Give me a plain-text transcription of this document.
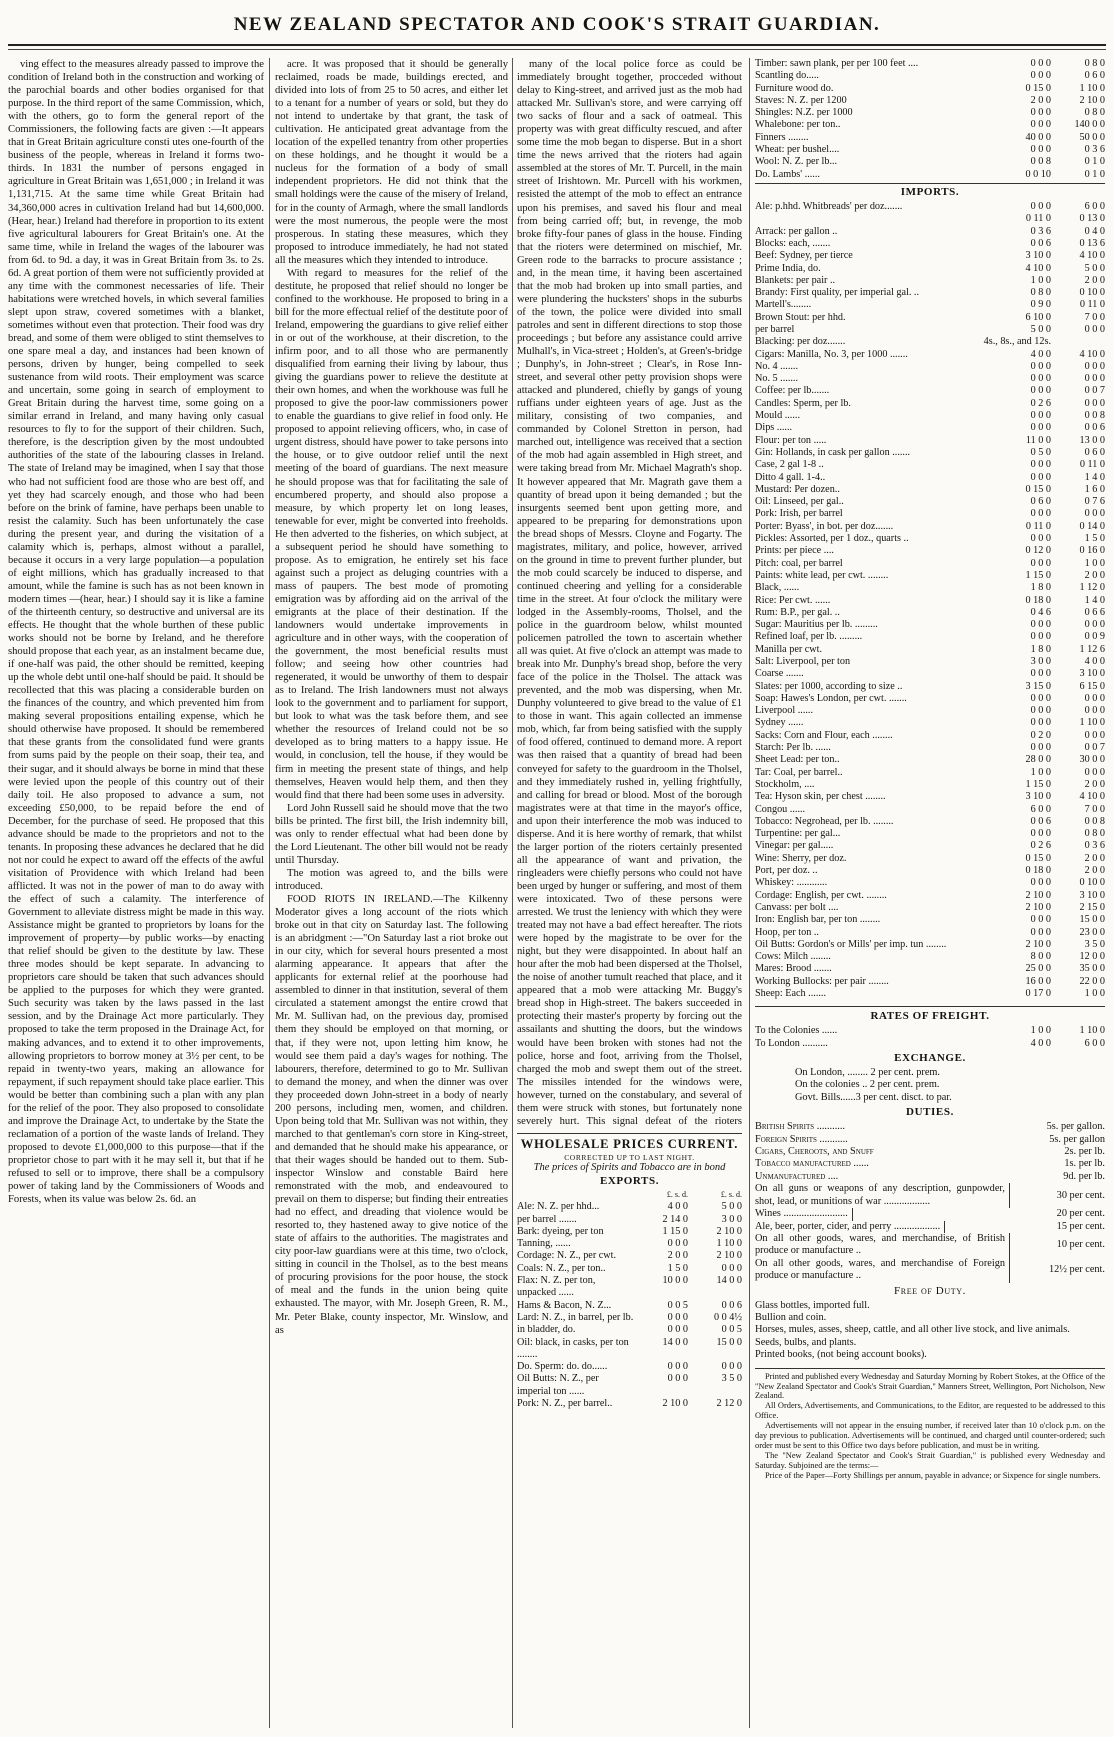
NEW ZEALAND SPECTATOR AND COOK'S STRAIT GUARDIAN.

ving effect to the measures already passed to improve the condition of Ireland both in the construction and working of the parochial boards and other bodies organised for that purpose. In the third report of the same Commission, which, with the others, go to form the general report of the Commissioners, the following facts are given :—It appears that in Great Britain agriculture consti utes one-fourth of the business of the people, whereas in Ireland it forms two-thirds. In 1831 the number of persons engaged in agriculture in Great Britain was 1,651,000 ; in Ireland it was 1,131,715. At the same time while Great Britain had 34,360,000 acres in cultivation Ireland had but 14,600,000. (Hear, hear.) Ireland had therefore in proportion to its extent five agricultural labourers for Great Britain's one. At the same time, while in Ireland the wages of the labourer was from 6d. to 9d. a day, it was in Great Britain from 3s. to 2s. 6d. A great portion of them were not sufficiently provided at any time with the commonest necessaries of life. Their habitations were wretched hovels, in which several families slept upon straw, covered sometimes with a blanket, sometimes without even that protection. Their food was dry bread, and some of them were obliged to stint themselves to one spare meal a day, and instances had been known of persons, driven by hunger, being compelled to seek sustenance from wild roots. Their employment was scarce and uncertain, some going in search of employment to Great Britain during the harvest time, some going on a similar errand in Ireland, and many having only casual resources to fly to for the support of their children. Such, therefore, is the description given by the most undoubted authorities of the state of the labouring classes in Ireland. The state of Ireland may be imagined, when I say that those who had not sufficient food are those who are best off, and yet they had scarcely enough, and those who had been before on the brink of famine, have perhaps been unable to resist the calamity. Such has been unfortunately the case during the present year, and during the visitation of a calamity which is, perhaps, almost without a parallel, because it occurs in a very large population—a population of eight millions, which has gradually increased to that amount, while the famine is such has as not been known in modern times —(hear, hear.) I should say it is like a famine of the thirteenth century, so destructive and universal are its effects. He thought that the whole burthen of these public works should not be borne by Ireland, and he therefore should propose that each year, as an instalment became due, if one-half was paid, the other should be remitted, keeping up the whole debt until one-half should be paid. It should be recollected that this was placing a considerable burden on the finances of the country, and which prevented him from making several propositions entailing expense, which he should otherwise have proposed. It should be remembered that these grants from the consolidated fund were grants from sums paid by the people on their soap, their tea, and their sugar, and it should always be borne in mind that these were levied upon the people of this country out of their daily toil. He also proposed to advance a sum, not exceeding £50,000, to be repaid before the end of December, for the purchase of seed. He proposed that this advance should be made to the proprietors and not to the tenants. In proposing these advances he declared that he did not nor could he expect to award off the effects of the awful visitation of Providence with which Ireland had been afflicted. It was not in the power of man to do away with the effect of such a calamity. The interference of Government to alleviate distress might be made in this way. Assistance might be granted to proprietors by loans for the improvement of property—by public works—by enacting that relief should be given to the destitute by law. These three modes should be kept separate. In advancing to proprietors care should be taken that such advances should be applied to the purposes for which they were granted. Such security was taken by the laws passed in the last session, and by the Drainage Act more particularly. They proposed to take the term proposed in the Drainage Act, for making advances, and to extend it to other improvements, allowing proprietors to borrow money at 3½ per cent, to be repaid in twenty-two years, making an allowance for repayment, if such repayment should take place earlier. This would be better than combining such a plan with any plan for the relief of the poor. They also proposed to consolidate and improve the Drainage Act, to undertake by the State the reclamation of a portion of the waste lands of Ireland. They proposed to devote £1,000,000 to this purpose—that if the proprietor chose to part with it he may sell it, but that if he refused to sell or to improve, there shall be a compulsory power of taking land by the Commissioners of Woods and Forests, when its value was below 2s. 6d. an

acre. It was proposed that it should be generally reclaimed, roads be made, buildings erected, and divided into lots of from 25 to 50 acres, and either let to a tenant for a number of years or sold, but they do not intend to undertake by that grant, the task of cultivation. He anticipated great advantage from the location of the expelled tenantry from other properties on these holdings, and he thought it would be a nucleus for the formation of a body of small independent proprietors. He did not think that the small holdings were the cause of the misery of Ireland, for in the county of Armagh, where the small landlords were the most numerous, the people were the most prosperous. In stating these measures, which they proposed to introduce immediately, he had not stated all the measures which they intended to introduce.

With regard to measures for the relief of the destitute, he proposed that relief should no longer be confined to the workhouse. He proposed to bring in a bill for the more effectual relief of the destitute poor of Ireland, empowering the guardians to give relief either in or out of the workhouse, at their discretion, to the infirm poor, and to all those who are permanently disqualified from earning their living by labour, thus giving the guardians power to relieve the destitute at their own homes, and when the workhouse was full he proposed to give the poor-law commissioners power to enable the guardians to give relief in food only. He proposed to appoint relieving officers, who, in case of urgent distress, should have power to take persons into the house, or to give outdoor relief until the next meeting of the board of guardians. The next measure he should propose was that for facilitating the sale of encumbered property, and should also propose a measure, by which property let on long leases, tenewable for ever, might be converted into freeholds. He then adverted to the fisheries, on which subject, at a subsequent period he should have something to propose. As to emigration, he entirely set his face against such a project as deluging countries with a mass of paupers. The best mode of promoting emigration was by affording aid on the arrival of the emigrants at the place of their destination. If the landowners would undertake improvements in agriculture and in other ways, with the cooperation of the government, the most beneficial results must follow; and seeing how other countries had regenerated, it would be unworthy of them to despair as to Ireland. The Irish landowners must not always look to the government and to parliament for support, but look to what was the task before them, and see whether the resources of Ireland could not be so developed as to bring matters to a happy issue. He would, in conclusion, tell the house, if they would be firm in meeting the present state of things, and help themselves, Heaven would help them, and then they would find that there had been some uses in adversity.

Lord John Russell said he should move that the two bills be printed. The first bill, the Irish indemnity bill, was only to render effectual what had been done by the Lord Lieutenant. The other bill would not be ready until Thursday.

The motion was agreed to, and the bills were introduced.

FOOD RIOTS IN IRELAND.—The Kilkenny Moderator gives a long account of the riots which broke out in that city on Saturday last. The following is an abridgment :—"On Saturday last a riot broke out in our city, which for several hours presented a most alarming appearance. It appears that after the applicants for external relief at the poorhouse had assembled to dinner in that institution, several of them circulated a statement amongst the entire crowd that Mr. M. Sullivan had, on the previous day, promised them they should be employed on that morning, or that, if they were not, upon letting him know, he would see them paid a day's wages for nothing. The labourers, therefore, determined to go to Mr. Sullivan to demand the money, and when the dinner was over they proceeded down John-street in a body of nearly 200 persons, including men, women, and children. Upon being told that Mr. Sullivan was not within, they marched to that gentleman's corn store in King-street, and demanded that he should make his appearance, or that their wages should be handed out to them. Sub-inspector Winslow and constable Baird here remonstrated with the mob, and endeavoured to prevail on them to disperse; but finding their entreaties had no effect, and dreading that violence would be resorted to, they hastened away to give notice of the state of affairs to the authorities. The magistrates and city poor-law guardians were at this time, two o'clock, sitting in council in the Tholsel, as to the best means of procuring provisions for the poor house, the stock of meal and the funds in the union being quite exhausted. The mayor, with Mr. Joseph Green, R. M., Mr. Peter Blake, county inspector, Mr. Winslow, and as

many of the local police force as could be immediately brought together, procceded without delay to King-street, and arrived just as the mob had attacked Mr. Sullivan's store, and were carrying off two sacks of flour and a sack of oatmeal. This property was with great difficulty rescued, and after some time the mob began to disperse. But in a short time the news arrived that the rioters had again assembled at the stores of Mr. T. Purcell, in the main street of Irishtown. Mr. Purcell with his workmen, resisted the attempt of the mob to effect an entrance upon his premises, and saved his flour and meal from being carried off; but, in revenge, the mob broke fifty-four panes of glass in the house. Finding that the rioters were determined on mischief, Mr. Green rode to the barracks to procure assistance ; and, in the mean time, it having been ascertained that the mob had broken up into small parties, and were plundering the hucksters' shops in the suburbs of the town, the police were divided into small patroles and sent in different directions to stop those proceedings ; but before any assistance could arrive Mulhall's, in Vica-street ; Holden's, at Green's-bridge ; Dunphy's, in John-street ; Clear's, in Rose Inn-street, and several other petty provision shops were attacked and plundered, chiefly by gangs of young ruffians under eighteen years of age. Just as the military, consisting of two companies, and commanded by Colonel Stretton in person, had marched out, intelligence was received that a section of the mob had again assembled in High street, and were taking bread from Mr. Michael Magrath's shop. It however appeared that Mr. Magrath gave them a quantity of bread upon it being demanded ; but the insurgents seemed bent upon getting more, and appeared to be preparing for demonstrations upon the bread shops of Messrs. Cloyne and Fogarty. The magistrates, military, and police, however, arrived on the ground in time to prevent further plunder, but the mob could scarcely be induced to disperse, and continued cheering and yelling for a considerable time in the street. At four o'clock the military were lodged in the Assembly-rooms, Tholsel, and the police in the guardroom below, whilst mounted policemen patrolled the town to ascertain whether all was quiet. At five o'clock an attempt was made to break into Mr. Dunphy's bread shop, before the very face of the police in the Tholsel. The attack was prevented, and the mob was dispersing, when Mr. Dunphy volunteered to give bread to the value of £1 to those in want. This again collected an immense mob, which, far from being satisfied with the supply of food offered, continued to demand more. A report was then raised that a quantity of bread had been conveyed for safety to the guardroom in the Tholsel, and they immediately rushed in, yelling frightfully, and calling for bread or blood. Most of the borough magistrates were at that time in the mayor's office, and upon their interference the mob was induced to disperse. And it is here worthy of remark, that whilst the larger portion of the rioters certainly presented all the appearance of want and privation, the ringleaders were chiefly persons who could not have been urged by hunger or suffering, and most of them were intoxicated. Two of these persons were arrested. We trust the leniency with which they were treated may not have a bad effect hereafter. The riots were hoped by the magistrate to be over for the night, but they were disappointed. In about half an hour after the mob had been dispersed at the Tholsel, the noise of another tumult reached that place, and it appeared that a mob were attacking Mr. Buggy's bread shop in High-street. The bakers succeeded in protecting their master's property by forcing out the assailants and shutting the doors, but the windows would have been broken with stones had not the police, horse and foot, arriving from the Tholsel, charged the mob and swept them out of the street. The missiles intended for the windows were, however, turned on the constabulary, and several of them were struck with stones, but fortunately none severely hurt. This signal defeat of the rioters

WHOLESALE PRICES CURRENT.
CORRECTED UP TO LAST NIGHT.
The prices of Spirits and Tobacco are in bond
EXPORTS.
	£. s. d.	£. s. d.
Ale: N. Z. per hhd...	4 0 0	5 0 0
per barrel .......	2 14 0	3 0 0
Bark: dyeing, per ton	1 15 0	2 10 0
Tanning, ......	0 0 0	1 10 0
Cordage: N. Z., per cwt.	2 0 0	2 10 0
Coals: N. Z., per ton..	1 5 0	0 0 0
Flax: N. Z. per ton, unpacked ......	10 0 0	14 0 0
Hams & Bacon, N. Z...	0 0 5	0 0 6
Lard: N. Z., in barrel, per lb.	0 0 0	0 0 4½
in bladder, do.	0 0 0	0 0 5
Oil: black, in casks, per ton ........	14 0 0	15 0 0
Do. Sperm: do. do......	0 0 0	0 0 0
Oil Butts: N. Z., per imperial ton ......	0 0 0	3 5 0
Pork: N. Z., per barrel..	2 10 0	2 12 0
Timber: sawn plank, per per 100 feet ....	0 0 0	0 8 0
Scantling do.....	0 0 0	0 6 0
Furniture wood do.	0 15 0	1 10 0
Staves: N. Z. per 1200	2 0 0	2 10 0
Shingles: N.Z. per 1000	0 0 0	0 8 0
Whalebone: per ton..	0 0 0	140 0 0
Finners ........	40 0 0	50 0 0
Wheat: per bushel....	0 0 0	0 3 6
Wool: N. Z. per lb...	0 0 8	0 1 0
Do. Lambs' ......	0 0 10	0 1 0
IMPORTS.
Ale: p.hhd. Whitbreads' per doz.......	0 0 0	6 0 0
	0 11 0	0 13 0
Arrack: per gallon ..	0 3 6	0 4 0
Blocks: each, .......	0 0 6	0 13 6
Beef: Sydney, per tierce	3 10 0	4 10 0
Prime India, do.	4 10 0	5 0 0
Blankets: per pair ..	1 0 0	2 0 0
Brandy: First quality, per imperial gal. ..	0 8 0	0 10 0
Martell's........	0 9 0	0 11 0
Brown Stout: per hhd.	6 10 0	7 0 0
per barrel	5 0 0	0 0 0
Blacking: per doz.......	4s., 8s., and 12s.	
Cigars: Manilla, No. 3, per 1000 .......	4 0 0	4 10 0
No. 4 .......	0 0 0	0 0 0
No. 5 .......	0 0 0	0 0 0
Coffee: per lb.......	0 0 0	0 0 7
Candles: Sperm, per lb.	0 2 6	0 0 0
Mould ......	0 0 0	0 0 8
Dips ......	0 0 0	0 0 6
Flour: per ton .....	11 0 0	13 0 0
Gin: Hollands, in cask per gallon .......	0 5 0	0 6 0
Case, 2 gal 1-8 ..	0 0 0	0 11 0
Ditto 4 gall. 1-4..	0 0 0	1 4 0
Mustard: Per dozen..	0 15 0	1 6 0
Oil: Linseed, per gal..	0 6 0	0 7 6
Pork: Irish, per barrel	0 0 0	0 0 0
Porter: Byass', in bot. per doz.......	0 11 0	0 14 0
Pickles: Assorted, per 1 doz., quarts ..	0 0 0	1 5 0
Prints: per piece ....	0 12 0	0 16 0
Pitch: coal, per barrel	0 0 0	1 0 0
Paints: white lead, per cwt. ........	1 15 0	2 0 0
Black, ......	1 8 0	1 12 0
Rice: Per cwt. ......	0 18 0	1 4 0
Rum: B.P., per gal. ..	0 4 6	0 6 6
Sugar: Mauritius per lb. .........	0 0 0	0 0 0
Refined loaf, per lb. .........	0 0 0	0 0 9
Manilla per cwt.	1 8 0	1 12 6
Salt: Liverpool, per ton	3 0 0	4 0 0
Coarse .......	0 0 0	3 10 0
Slates: per 1000, according to size ..	3 15 0	6 15 0
Soap: Hawes's London, per cwt. .......	0 0 0	0 0 0
Liverpool ......	0 0 0	0 0 0
Sydney ......	0 0 0	1 10 0
Sacks: Corn and Flour, each ........	0 2 0	0 0 0
Starch: Per lb. ......	0 0 0	0 0 7
Sheet Lead: per ton..	28 0 0	30 0 0
Tar: Coal, per barrel..	1 0 0	0 0 0
Stockholm, ....	1 15 0	2 0 0
Tea: Hyson skin, per chest ........	3 10 0	4 10 0
Congou ......	6 0 0	7 0 0
Tobacco: Negrohead, per lb. ........	0 0 6	0 0 8
Turpentine: per gal...	0 0 0	0 8 0
Vinegar: per gal.....	0 2 6	0 3 6
Wine: Sherry, per doz.	0 15 0	2 0 0
Port, per doz. ..	0 18 0	2 0 0
Whiskey: ............	0 0 0	0 10 0
Cordage: English, per cwt. ........	2 10 0	3 10 0
Canvass: per bolt ....	2 10 0	2 15 0
Iron: English bar, per ton ........	0 0 0	15 0 0
Hoop, per ton ..	0 0 0	23 0 0
Oil Butts: Gordon's or Mills' per imp. tun ........	2 10 0	3 5 0
Cows: Milch ........	8 0 0	12 0 0
Mares: Brood .......	25 0 0	35 0 0
Working Bullocks: per pair ........	16 0 0	22 0 0
Sheep: Each .......	0 17 0	1 0 0
RATES OF FREIGHT.
To the Colonies ......	1 0 0	1 10 0
To London ..........	4 0 0	6 0 0
EXCHANGE.
On London, ........ 2 per cent. prem.
On the colonies .. 2 per cent. prem.
Govt. Bills......3 per cent. disct. to par.
DUTIES.
British Spirits ...........	5s. per gallon.
Foreign Spirits ...........	5s. per gallon
Cigars, Cheroots, and Snuff	2s. per lb.
Tobacco manufactured ......	1s. per lb.
Unmanufactured ....	9d. per lb.
On all guns or weapons of any description, gunpowder, shot, lead, or munitions of war ..................
30 per cent.
Wines .........................	20 per cent.
Ale, beer, porter, cider, and perry ..................	15 per cent.
On all other goods, wares, and merchandise, of British produce or manufacture ..
10 per cent.
On all other goods, wares, and merchandise of Foreign produce or manufacture ..
12½ per cent.
Free of Duty.
Glass bottles, imported full.
Bullion and coin.
Horses, mules, asses, sheep, cattle, and all other live stock, and live animals.
Seeds, bulbs, and plants.
Printed books, (not being account books).

Printed and published every Wednesday and Saturday Morning by Robert Stokes, at the Office of the "New Zealand Spectator and Cook's Strait Guardian," Manners Street, Wellington, Port Nicholson, New Zealand.

All Orders, Advertisements, and Communications, to the Editor, are requested to be addressed to this Office.

Advertisements will not appear in the ensuing number, if received later than 10 o'clock p.m. on the day previous to publication. Advertisements will be continued, and charged until counter-ordered; such order must be sent to this Office two days before publication, and must be in writing.

The "New Zealand Spectator and Cook's Strait Guardian," is published every Wednesday and Saturday. Subjoined are the terms:—

Price of the Paper—Forty Shillings per annum, payable in advance; or Sixpence for single numbers.
